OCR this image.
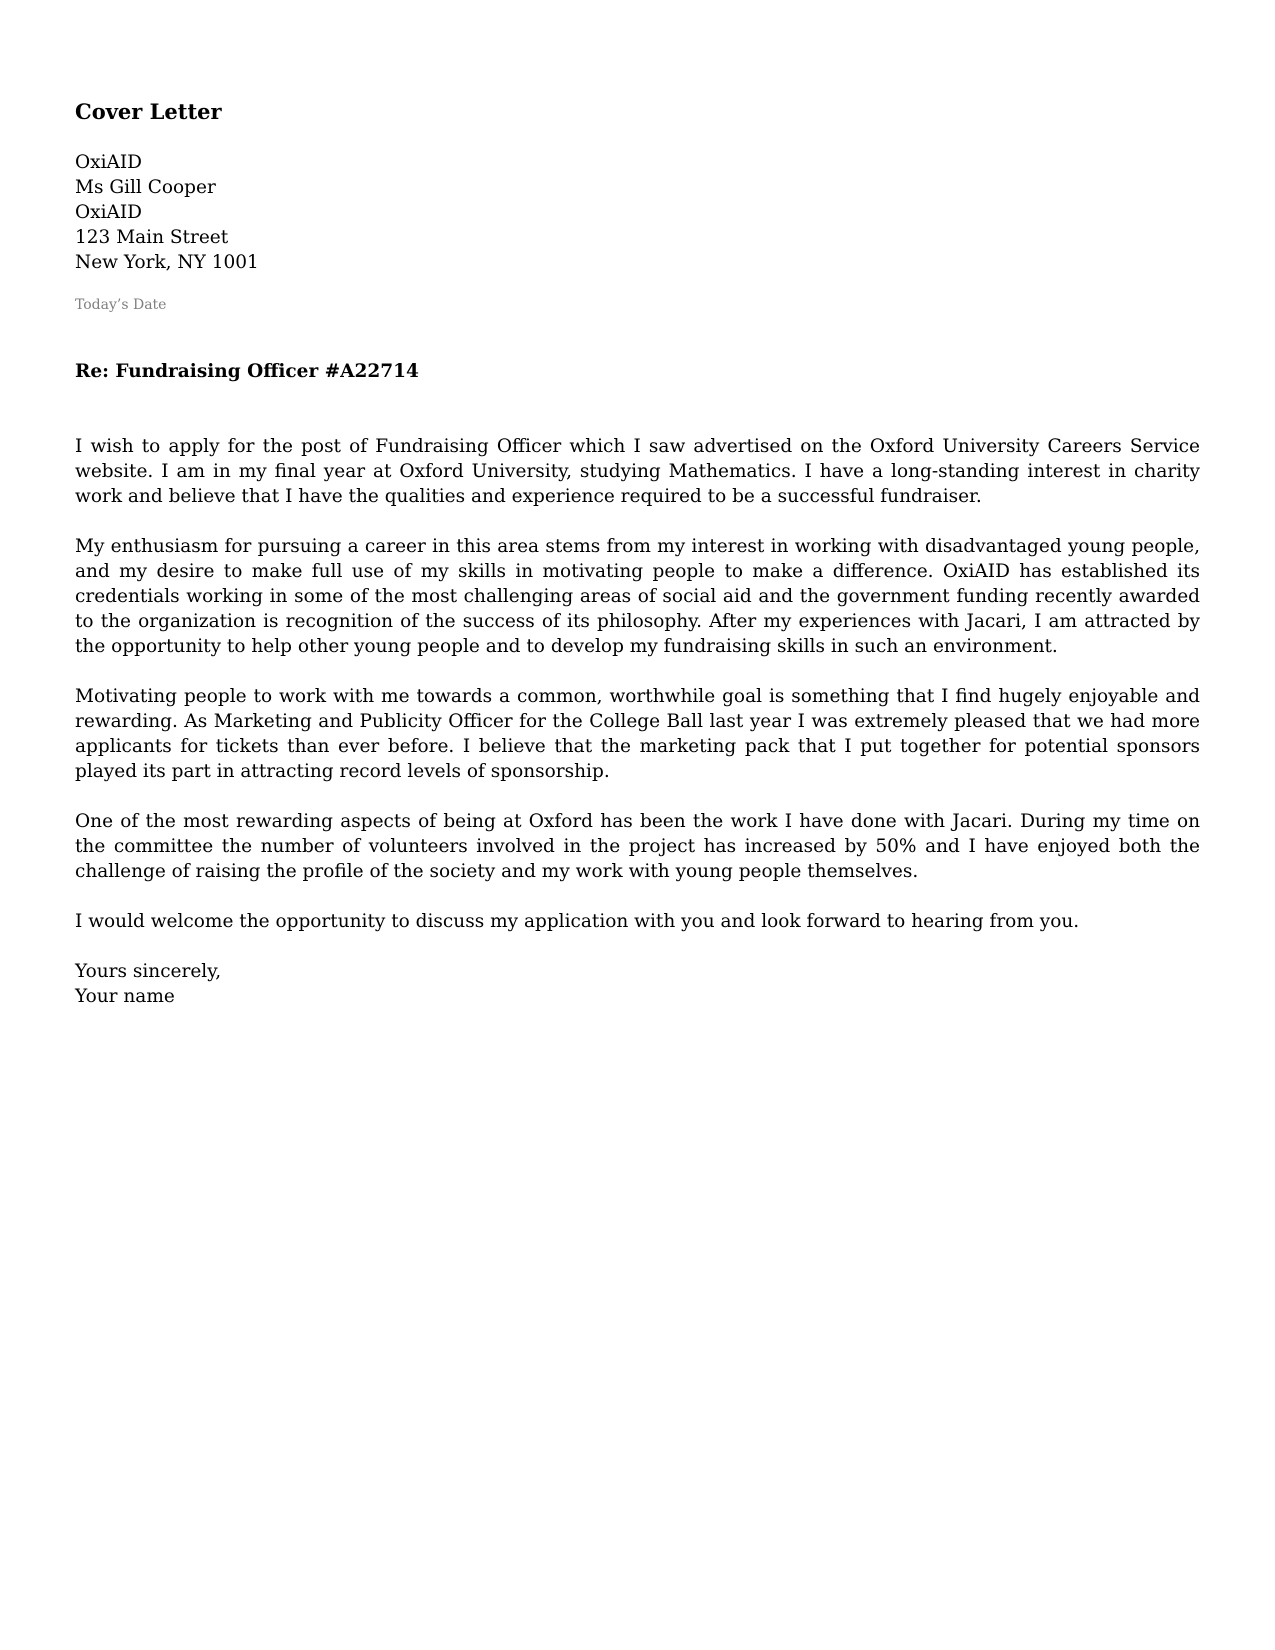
Cover Letter
OxiAID
Ms Gill Cooper
OxiAID
123 Main Street
New York, NY 1001
Today’s Date
Re: Fundraising Officer #A22714

I wish to apply for the post of Fundraising Officer which I saw advertised on the Oxford University Careers Service website. I am in my final year at Oxford University, studying Mathematics. I have a long-standing interest in charity work and believe that I have the qualities and experience required to be a successful fundraiser.

My enthusiasm for pursuing a career in this area stems from my interest in working with disadvantaged young people, and my desire to make full use of my skills in motivating people to make a difference. OxiAID has established its credentials working in some of the most challenging areas of social aid and the government funding recently awarded to the organization is recognition of the success of its philosophy. After my experiences with Jacari, I am attracted by the opportunity to help other young people and to develop my fundraising skills in such an environment.

Motivating people to work with me towards a common, worthwhile goal is something that I find hugely enjoyable and rewarding. As Marketing and Publicity Officer for the College Ball last year I was extremely pleased that we had more applicants for tickets than ever before. I believe that the marketing pack that I put together for potential sponsors played its part in attracting record levels of sponsorship.

One of the most rewarding aspects of being at Oxford has been the work I have done with Jacari. During my time on the committee the number of volunteers involved in the project has increased by 50% and I have enjoyed both the challenge of raising the profile of the society and my work with young people themselves.

I would welcome the opportunity to discuss my application with you and look forward to hearing from you.

Yours sincerely,
Your name
